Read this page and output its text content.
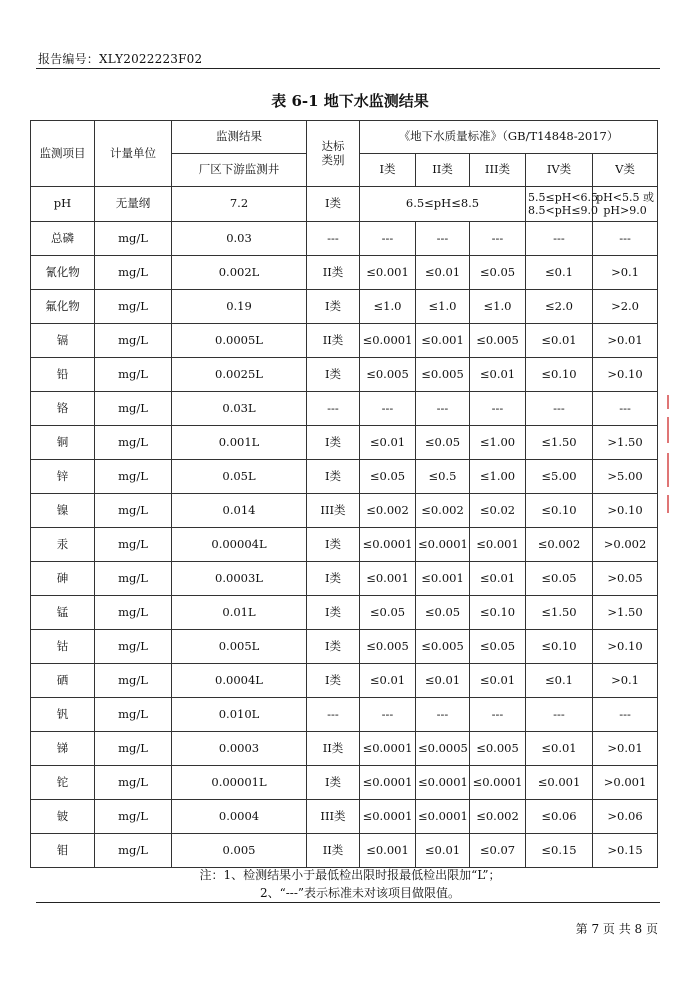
报告编号：XLY2022223F02
表 6-1 地下水监测结果
监测项目	计量单位	监测结果	达标类别	《地下水质量标准》（GB/T14848-2017）				
		厂区下游监测井		I类	II类	III类	IV类	V类
pH	无量纲	7.2	I类	6.5≤pH≤8.5			5.5≤pH<6.5 8.5<pH≤9.0	pH<5.5 或 pH>9.0
总磷	mg/L	0.03	---	---	---	---	---	---
氰化物	mg/L	0.002L	II类	≤0.001	≤0.01	≤0.05	≤0.1	>0.1
氟化物	mg/L	0.19	I类	≤1.0	≤1.0	≤1.0	≤2.0	>2.0
镉	mg/L	0.0005L	II类	≤0.0001	≤0.001	≤0.005	≤0.01	>0.01
铅	mg/L	0.0025L	I类	≤0.005	≤0.005	≤0.01	≤0.10	>0.10
铬	mg/L	0.03L	---	---	---	---	---	---
铜	mg/L	0.001L	I类	≤0.01	≤0.05	≤1.00	≤1.50	>1.50
锌	mg/L	0.05L	I类	≤0.05	≤0.5	≤1.00	≤5.00	>5.00
镍	mg/L	0.014	III类	≤0.002	≤0.002	≤0.02	≤0.10	>0.10
汞	mg/L	0.00004L	I类	≤0.0001	≤0.0001	≤0.001	≤0.002	>0.002
砷	mg/L	0.0003L	I类	≤0.001	≤0.001	≤0.01	≤0.05	>0.05
锰	mg/L	0.01L	I类	≤0.05	≤0.05	≤0.10	≤1.50	>1.50
钴	mg/L	0.005L	I类	≤0.005	≤0.005	≤0.05	≤0.10	>0.10
硒	mg/L	0.0004L	I类	≤0.01	≤0.01	≤0.01	≤0.1	>0.1
钒	mg/L	0.010L	---	---	---	---	---	---
锑	mg/L	0.0003	II类	≤0.0001	≤0.0005	≤0.005	≤0.01	>0.01
铊	mg/L	0.00001L	I类	≤0.0001	≤0.0001	≤0.0001	≤0.001	>0.001
铍	mg/L	0.0004	III类	≤0.0001	≤0.0001	≤0.002	≤0.06	>0.06
钼	mg/L	0.005	II类	≤0.001	≤0.01	≤0.07	≤0.15	>0.15
注：1、检测结果小于最低检出限时报最低检出限加“L”；
2、“---”表示标准未对该项目做限值。
第 7 页 共 8 页
